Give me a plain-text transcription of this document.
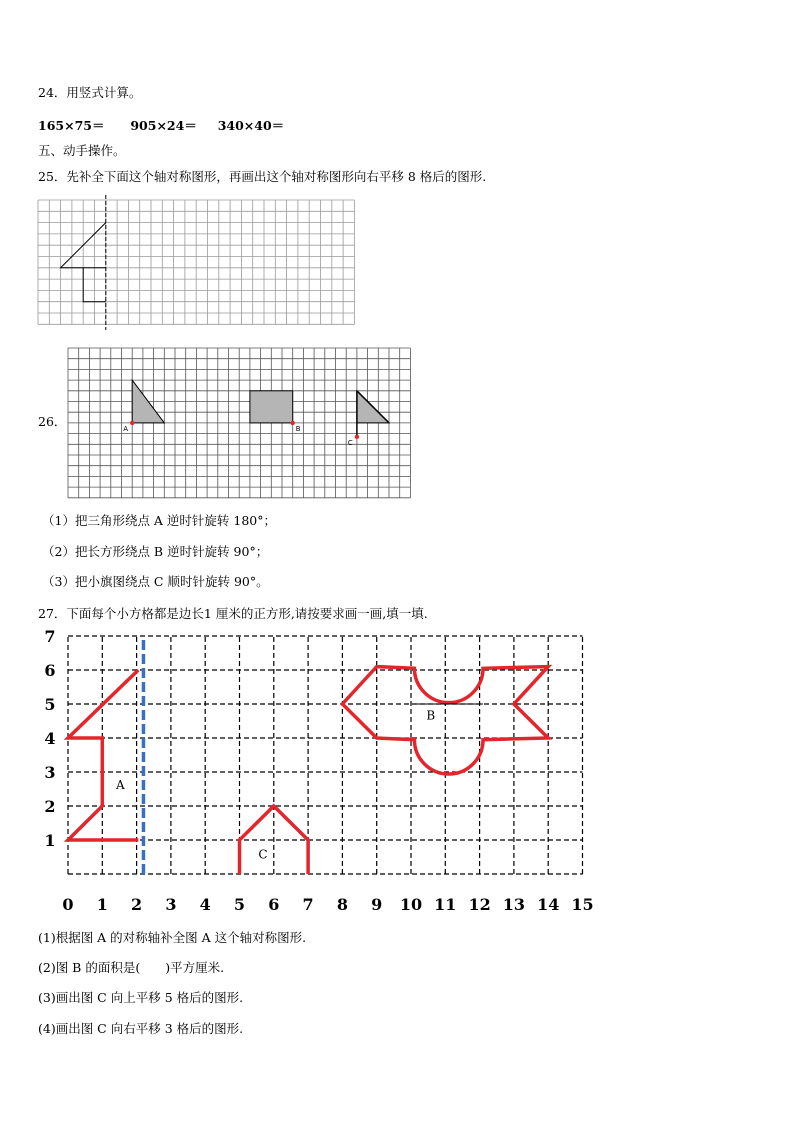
24．用竖式计算。
165×75＝ 905×24＝ 340×40＝
五、动手操作。
25．先补全下面这个轴对称图形，再画出这个轴对称图形向右平移 8 格后的图形.
26．	A	B
C
（1）把三角形绕点 A 逆时针旋转 180°；
（2）把长方形绕点 B 逆时针旋转 90°；
（3）把小旗图绕点 C 顺时针旋转 90°。
27．下面每个小方格都是边长1 厘米的正方形,请按要求画一画,填一填.
0 1 2 3 4 5 6 7 8 9 10 11 12 13 14 15
7
6
5
4
3
2
1
A
B
C
(1)根据图 A 的对称轴补全图 A 这个轴对称图形.
(2)图 B 的面积是(　　)平方厘米.
(3)画出图 C 向上平移 5 格后的图形.
(4)画出图 C 向右平移 3 格后的图形.
